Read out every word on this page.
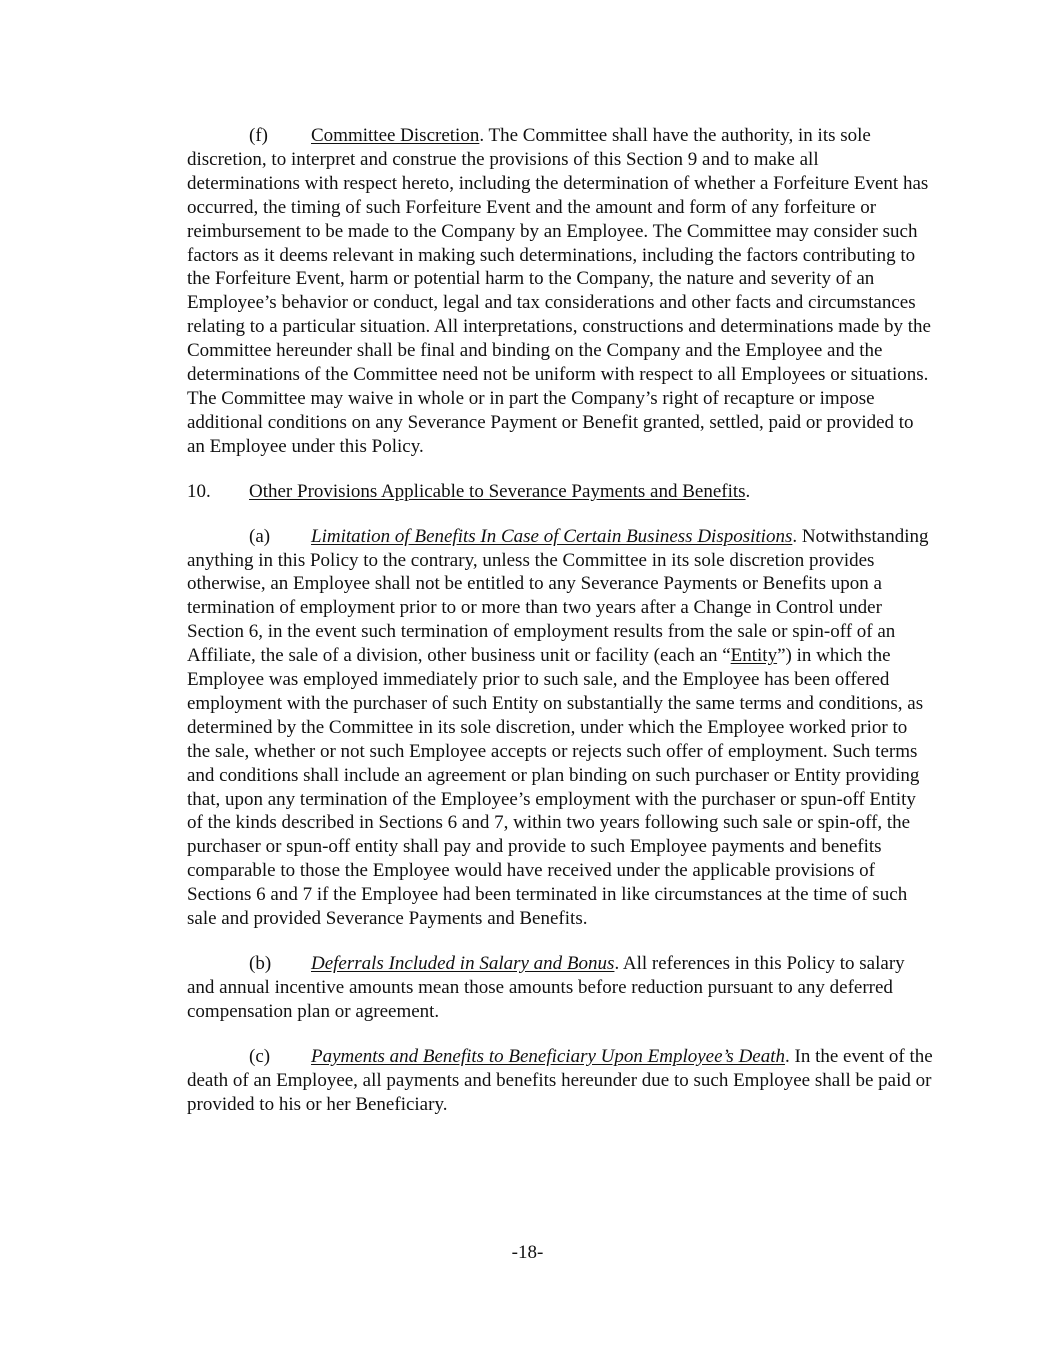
(f) Committee Discretion. The Committee shall have the authority, in its sole discretion, to interpret and construe the provisions of this Section 9 and to make all determinations with respect hereto, including the determination of whether a Forfeiture Event has occurred, the timing of such Forfeiture Event and the amount and form of any forfeiture or reimbursement to be made to the Company by an Employee. The Committee may consider such factors as it deems relevant in making such determinations, including the factors contributing to the Forfeiture Event, harm or potential harm to the Company, the nature and severity of an Employee’s behavior or conduct, legal and tax considerations and other facts and circumstances relating to a particular situation. All interpretations, constructions and determinations made by the Committee hereunder shall be final and binding on the Company and the Employee and the determinations of the Committee need not be uniform with respect to all Employees or situations. The Committee may waive in whole or in part the Company’s right of recapture or impose additional conditions on any Severance Payment or Benefit granted, settled, paid or provided to an Employee under this Policy.

10.	Other Provisions Applicable to Severance Payments and Benefits.

(a) Limitation of Benefits In Case of Certain Business Dispositions. Notwithstanding anything in this Policy to the contrary, unless the Committee in its sole discretion provides otherwise, an Employee shall not be entitled to any Severance Payments or Benefits upon a termination of employment prior to or more than two years after a Change in Control under Section 6, in the event such termination of employment results from the sale or spin-off of an Affiliate, the sale of a division, other business unit or facility (each an “Entity”) in which the Employee was employed immediately prior to such sale, and the Employee has been offered employment with the purchaser of such Entity on substantially the same terms and conditions, as determined by the Committee in its sole discretion, under which the Employee worked prior to the sale, whether or not such Employee accepts or rejects such offer of employment. Such terms and conditions shall include an agreement or plan binding on such purchaser or Entity providing that, upon any termination of the Employee’s employment with the purchaser or spun-off Entity of the kinds described in Sections 6 and 7, within two years following such sale or spin-off, the purchaser or spun-off entity shall pay and provide to such Employee payments and benefits comparable to those the Employee would have received under the applicable provisions of Sections 6 and 7 if the Employee had been terminated in like circumstances at the time of such sale and provided Severance Payments and Benefits.

(b) Deferrals Included in Salary and Bonus. All references in this Policy to salary and annual incentive amounts mean those amounts before reduction pursuant to any deferred compensation plan or agreement.

(c) Payments and Benefits to Beneficiary Upon Employee’s Death. In the event of the death of an Employee, all payments and benefits hereunder due to such Employee shall be paid or provided to his or her Beneficiary.

-18-
